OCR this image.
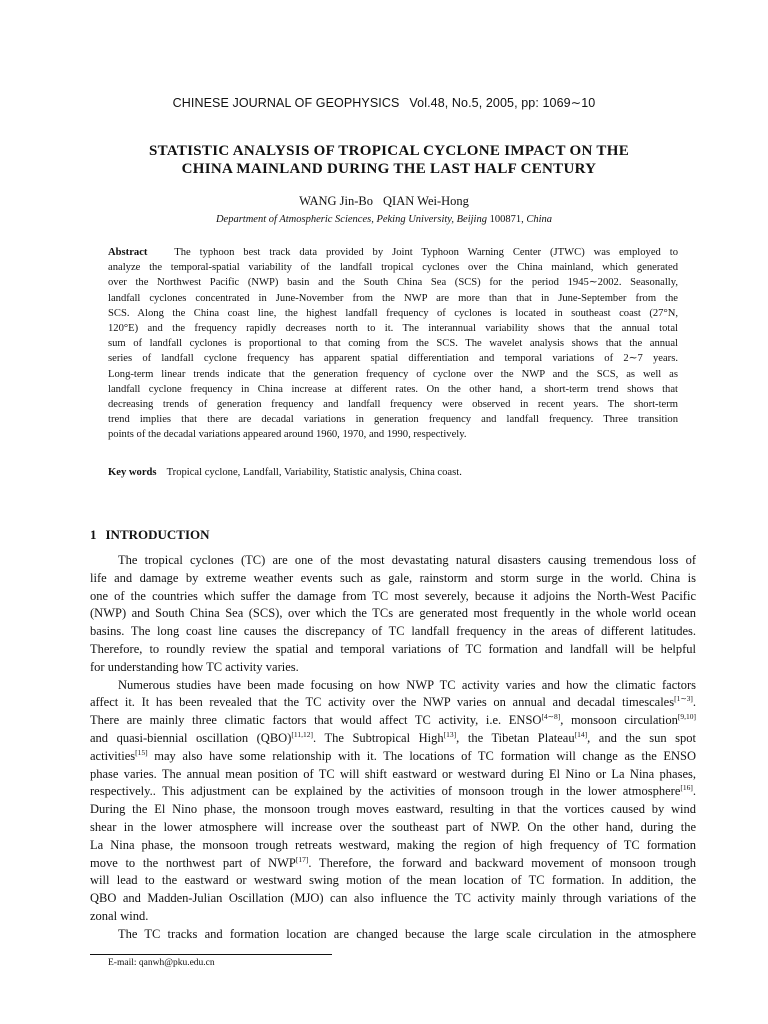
CHINESE JOURNAL OF GEOPHYSICS Vol.48, No.5, 2005, pp: 1069∼10
STATISTIC ANALYSIS OF TROPICAL CYCLONE IMPACT ON THE
CHINA MAINLAND DURING THE LAST HALF CENTURY
WANG Jin-Bo QIAN Wei-Hong
Department of Atmospheric Sciences, Peking University, Beijing 100871, China
Abstract	The typhoon best track data provided by Joint Typhoon Warning Center (JTWC) was employed to
analyze the temporal-spatial variability of the landfall tropical cyclones over the China mainland, which generated
over the Northwest Pacific (NWP) basin and the South China Sea (SCS) for the period 1945∼2002. Seasonally,
landfall cyclones concentrated in June-November from the NWP are more than that in June-September from the
SCS. Along the China coast line, the highest landfall frequency of cyclones is located in southeast coast (27°N,
120°E) and the frequency rapidly decreases north to it. The interannual variability shows that the annual total
sum of landfall cyclones is proportional to that coming from the SCS. The wavelet analysis shows that the annual
series of landfall cyclone frequency has apparent spatial differentiation and temporal variations of 2∼7 years.
Long-term linear trends indicate that the generation frequency of cyclone over the NWP and the SCS, as well as
landfall cyclone frequency in China increase at different rates. On the other hand, a short-term trend shows that
decreasing trends of generation frequency and landfall frequency were observed in recent years. The short-term
trend implies that there are decadal variations in generation frequency and landfall frequency. Three transition
points of the decadal variations appeared around 1960, 1970, and 1990, respectively.
Key words Tropical cyclone, Landfall, Variability, Statistic analysis, China coast.
1 INTRODUCTION
The tropical cyclones (TC) are one of the most devastating natural disasters causing tremendous loss of
life and damage by extreme weather events such as gale, rainstorm and storm surge in the world. China is
one of the countries which suffer the damage from TC most severely, because it adjoins the North-West Pacific
(NWP) and South China Sea (SCS), over which the TCs are generated most frequently in the whole world ocean
basins. The long coast line causes the discrepancy of TC landfall frequency in the areas of different latitudes.
Therefore, to roundly review the spatial and temporal variations of TC formation and landfall will be helpful
for understanding how TC activity varies.
Numerous studies have been made focusing on how NWP TC activity varies and how the climatic factors
affect it. It has been revealed that the TC activity over the NWP varies on annual and decadal timescales[1∼3].
There are mainly three climatic factors that would affect TC activity, i.e. ENSO[4∼8], monsoon circulation[9,10]
and quasi-biennial oscillation (QBO)[11,12]. The Subtropical High[13], the Tibetan Plateau[14], and the sun spot
activities[15] may also have some relationship with it. The locations of TC formation will change as the ENSO
phase varies. The annual mean position of TC will shift eastward or westward during El Nino or La Nina phases,
respectively.. This adjustment can be explained by the activities of monsoon trough in the lower atmosphere[16].
During the El Nino phase, the monsoon trough moves eastward, resulting in that the vortices caused by wind
shear in the lower atmosphere will increase over the southeast part of NWP. On the other hand, during the
La Nina phase, the monsoon trough retreats westward, making the region of high frequency of TC formation
move to the northwest part of NWP[17]. Therefore, the forward and backward movement of monsoon trough
will lead to the eastward or westward swing motion of the mean location of TC formation. In addition, the
QBO and Madden-Julian Oscillation (MJO) can also influence the TC activity mainly through variations of the
zonal wind.
The TC tracks and formation location are changed because the large scale circulation in the atmosphere
E-mail: qanwh@pku.edu.cn
